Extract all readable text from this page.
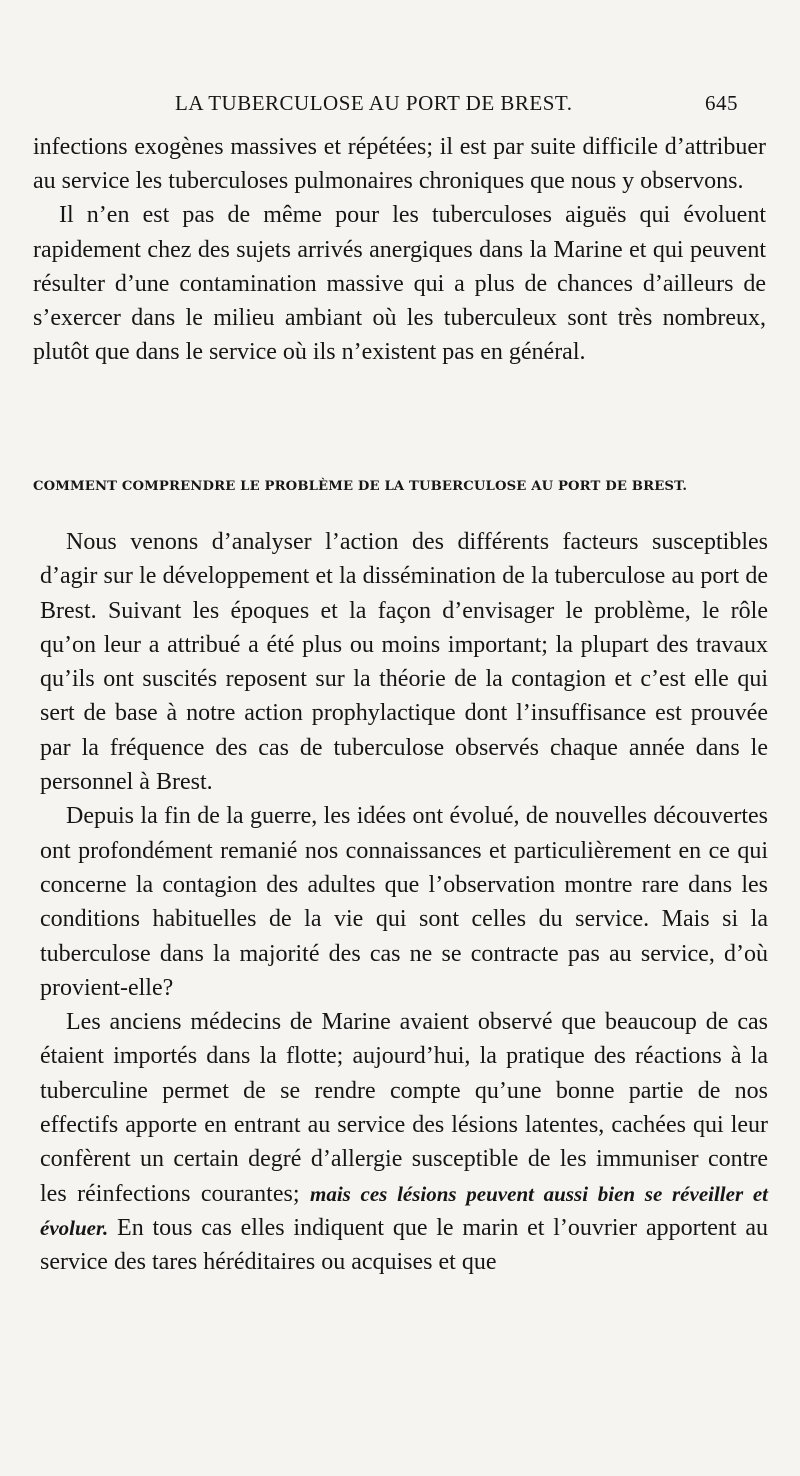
LA TUBERCULOSE AU PORT DE BREST.	645

infections exogènes massives et répétées; il est par suite difficile d’attribuer au service les tuberculoses pulmonaires chroniques que nous y observons.

Il n’en est pas de même pour les tuberculoses aiguës qui évoluent rapidement chez des sujets arrivés anergiques dans la Marine et qui peuvent résulter d’une contamination massive qui a plus de chances d’ailleurs de s’exercer dans le milieu ambiant où les tuberculeux sont très nombreux, plutôt que dans le service où ils n’existent pas en général.

COMMENT COMPRENDRE LE PROBLÈME DE LA TUBERCULOSE AU PORT DE BREST.

Nous venons d’analyser l’action des différents facteurs susceptibles d’agir sur le développement et la dissémination de la tuberculose au port de Brest. Suivant les époques et la façon d’envisager le problème, le rôle qu’on leur a attribué a été plus ou moins important; la plupart des travaux qu’ils ont suscités reposent sur la théorie de la contagion et c’est elle qui sert de base à notre action prophylactique dont l’insuffisance est prouvée par la fréquence des cas de tuberculose observés chaque année dans le personnel à Brest.

Depuis la fin de la guerre, les idées ont évolué, de nouvelles découvertes ont profondément remanié nos connaissances et particulièrement en ce qui concerne la contagion des adultes que l’observation montre rare dans les conditions habituelles de la vie qui sont celles du service. Mais si la tuberculose dans la majorité des cas ne se contracte pas au service, d’où provient-elle?

Les anciens médecins de Marine avaient observé que beaucoup de cas étaient importés dans la flotte; aujourd’hui, la pratique des réactions à la tuberculine permet de se rendre compte qu’une bonne partie de nos effectifs apporte en entrant au service des lésions latentes, cachées qui leur confèrent un certain degré d’allergie susceptible de les immuniser contre les réinfections courantes; mais ces lésions peuvent aussi bien se réveiller et évoluer. En tous cas elles indiquent que le marin et l’ouvrier apportent au service des tares héréditaires ou acquises et que
